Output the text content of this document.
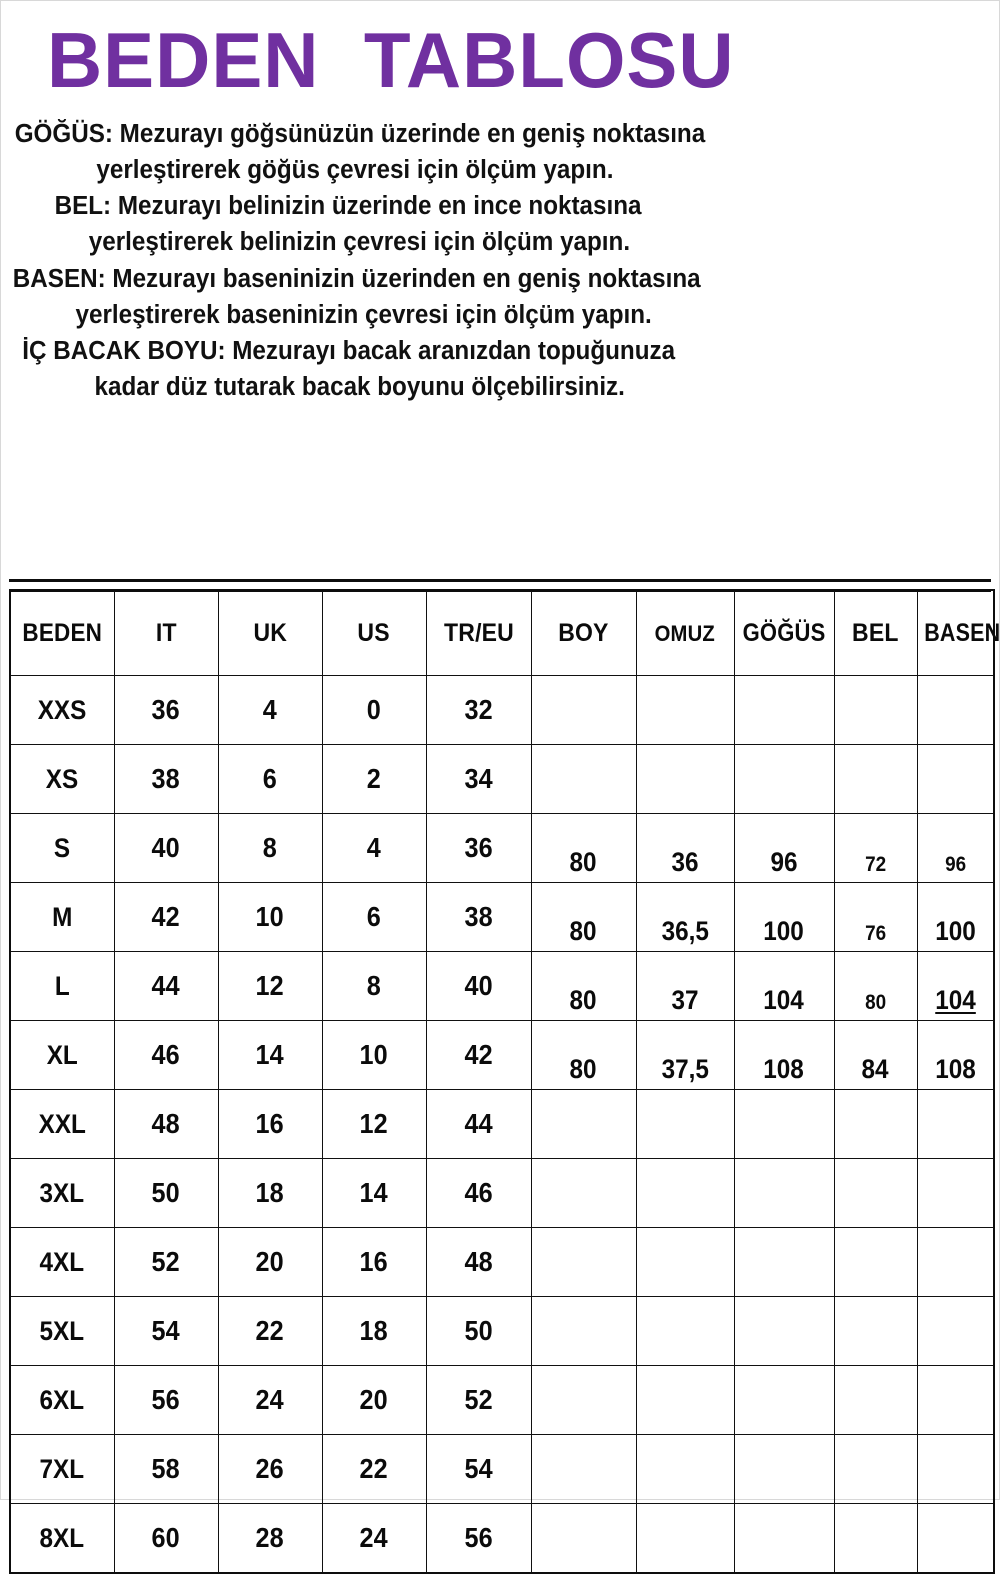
BEDEN  TABLOSU
GÖĞÜS: Mezurayı göğsünüzün üzerinde en geniş noktasına
yerleştirerek göğüs çevresi için ölçüm yapın.
BEL: Mezurayı belinizin üzerinde en ince noktasına
yerleştirerek belinizin çevresi için ölçüm yapın.
BASEN: Mezurayı baseninizin üzerinden en geniş noktasına
yerleştirerek baseninizin çevresi için ölçüm yapın.
İÇ BACAK BOYU: Mezurayı bacak aranızdan topuğunuza
kadar düz tutarak bacak boyunu ölçebilirsiniz.
BEDEN	IT	UK	US	TR/EU	BOY	OMUZ	GÖĞÜS	BEL	BASEN
XXS	36	4	0	32					
XS	38	6	2	34					
S	40	8	4	36	80	36	96	72	96
M	42	10	6	38	80	36,5	100	76	100
L	44	12	8	40	80	37	104	80	104
XL	46	14	10	42	80	37,5	108	84	108
XXL	48	16	12	44					
3XL	50	18	14	46					
4XL	52	20	16	48					
5XL	54	22	18	50					
6XL	56	24	20	52					
7XL	58	26	22	54					
8XL	60	28	24	56					
